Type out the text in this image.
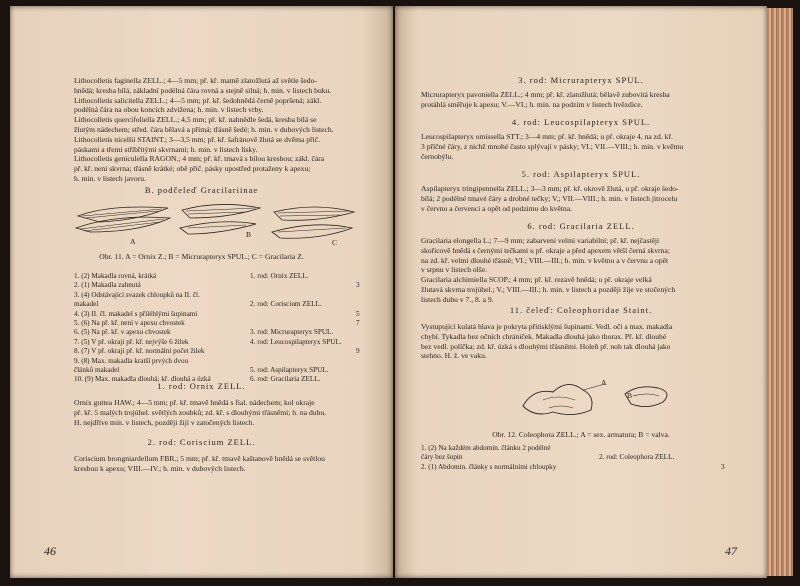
Lithocolletis faginella ZELL.; 4—5 mm; př. kř. matně zlatožlutá až světle šedo-
hnědá; kresba bílá, základní podélná čára rovná a stejně silná; h. min. v listech buku.
Lithocolletis salicitella ZELL.; 4—5 mm; př. kř. šedohnědá černě popršená; zákl.
podélná čára na obou koncích zdvižena; h. min. v listech vrby.
Lithocolletis quercifoliella ZELL.; 4,5 mm; př. kř. nahnědle šedá, kresba bílá se
žlutým nádechem; střed. čára bělavá a přímá; třásně šedé; h. min. v dubových listech.
Lithocolletis nicellii STAINT.; 3—3,5 mm; př. kř. šafránově žlutá se dvěma přič.
páskami a třemi stříbřitými skvrnami; h. min. v listech lísky.
Lithocolletis geniculella RAGON.; 4 mm; př. kř. tmavá s bílou kresbou; zákl. čára
př. kř. není skvrna; třásně krátké; obě přič. pásky upostřed protaženy k apexu;
h. min. v listech javoru.
B. podčeleď Gracilariinae
A
B
C
Obr. 11. A = Ornix Z.; B = Micrurapteryx SPUL.; C = Gracilaria Z.
1. (2) Makadla rovná, krátká	1. rod: Ornix ZELL.
2. (1) Makadla zahnutá	3
3. (4) Odstávající svazek chloupků na II. čl.
makadel	2. rod: Coriscium ZELL.
4. (3) II. čl. makadel s přiléhlými šupinami	5
5. (6) Na př. kř. není v apexu chvostek	7
6. (5) Na př. kř. v apexu chvostek	3. rod: Micrurapteryx SPUL.
7. (5) V př. okraji př. kř. nejvýše 6 žilek	4. rod: Leucospilapteryx SPUL.
8. (7) V př. okraji př. kř. normální počet žilek	9
9. (8) Max. makadla kratší prvých dvou
článků makadel	5. rod: Aspilapteryx SPUL.
10. (9) Max. makadla dlouhá; kř. dlouhá a úzká	6. rod: Gracilaria ZELL.
1. rod: Ornix ZELL.
Ornix guttea HAW.; 4—5 mm; př. kř. tmavě hnědá s fial. nádechem; kol okraje
př. kř. 5 malých trojúhel. světlých zoubků; zd. kř. s dlouhými třásněmi; h. na dubu.
H. nejdříve min. v listech, později žijí v zatočených listech.
2. rod: Coriscium ZELL.
Coriscium brongniardellum FBR.; 5 mm; př. kř. tmavě kaštanově hnědá se světlou
kresbou k apexu; VIII.—IV.; h. min. v dubových listech.
46
3. rod: Micrurapteryx SPUL.
Micrurapteryx pavoniella ZELL.; 4 mm; př. kř. zlatožlutá; bělavě zubovitá kresba
protáhlá směřuje k apexu; V.—VI.; h. min. na podzim v listech hvězdice.
4. rod: Leucospilapteryx SPUL.
Leucospilapteryx omissella STT.; 3—4 mm; př. kř. hnědá; u př. okraje 4, na zd. kř.
3 příčné čáry, z nichž mnohé často splývají v pásky; VI.; VII.—VIII.; h. min. v květnu
černobýlu.
5. rod: Aspilapteryx SPUL.
Aspilapteryx tringipennella ZELL.; 3—3 mm; př. kř. okrově žlutá, u př. okraje šedo-
bílá; 2 podélné tmavé čáry a drobné tečky; V.; VII.—VIII.; h. min. v listech jitrocelu
v červnu a červenci a opět od podzimu do května.
6. rod: Gracilaria ZELL.
Gracilaria elongella L.; 7—9 mm; zabarvení velmi variabilní; př. kř. nejčastěji
skořicově hnědá s černými tečkami u př. okraje a před apexem větší černá skvrna;
na zd. kř. velmi dlouhé třásně; VI.; VIII.—III.; h. min. v květnu a v červnu a opět
v srpnu v listech olše.
Gracilaria alchimiella SCOP.; 4 mm; př. kř. rezavě hnědá; u př. okraje velká
žlutavá skvrna trojúhel.; V.; VIII.—III.; h. min. v listech a později žije ve stočených
listech dubu v 7., 8. a 9.
11. čeleď: Coleophoridae Staint.
Vystupující kulatá hlava je pokryta přitisklými šupinami. Vedl. oči a max. makadla
chybí. Tykadla bez očních chrániček. Makadla dlouhá jako thorax. Př. kř. dlouhé
bez vedl. políčka; zd. kř. úzká s dlouhými třásněmi. Holeň př. noh tak dlouhá jako
stehno. H. ž. ve vaku.
A
B
Obr. 12. Coleophora ZELL.; A = sex. armatura; B = valva.
1. (2) Na každém abdomin. článku 2 podélné
čáry bez šupin	2. rod: Coleophora ZELL.
2. (1) Abdomin. články s normálními chloupky	3
47
